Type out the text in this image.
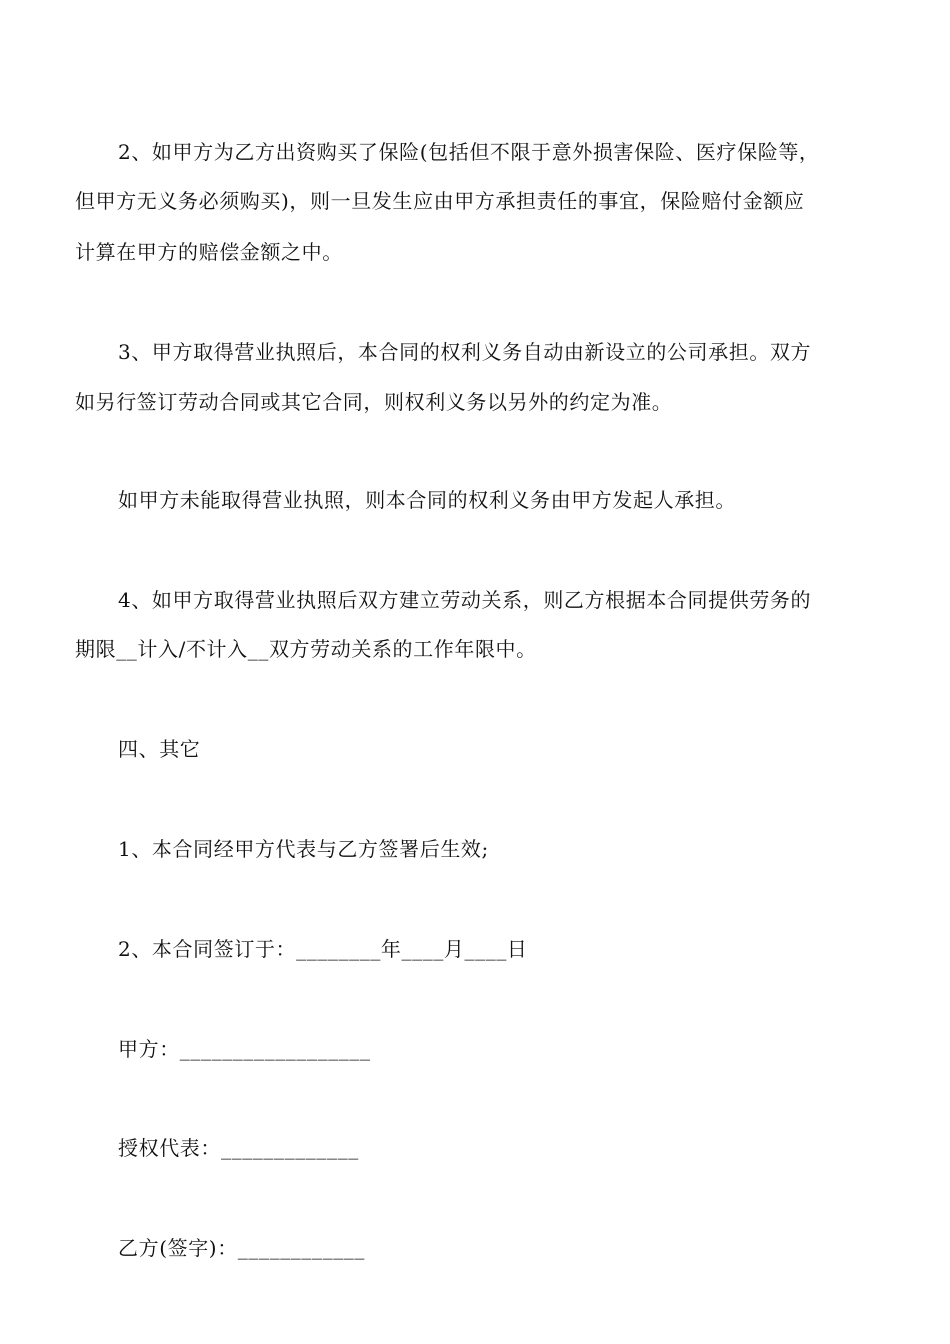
2、如甲方为乙方出资购买了保险(包括但不限于意外损害保险、医疗保险等，
但甲方无义务必须购买)，则一旦发生应由甲方承担责任的事宜，保险赔付金额应
计算在甲方的赔偿金额之中。
3、甲方取得营业执照后，本合同的权利义务自动由新设立的公司承担。双方
如另行签订劳动合同或其它合同，则权利义务以另外的约定为准。
如甲方未能取得营业执照，则本合同的权利义务由甲方发起人承担。
4、如甲方取得营业执照后双方建立劳动关系，则乙方根据本合同提供劳务的
期限__计入/不计入__双方劳动关系的工作年限中。
四、其它
1、本合同经甲方代表与乙方签署后生效;
2、本合同签订于：________年____月____日
甲方：__________________
授权代表：_____________
乙方(签字)：____________
